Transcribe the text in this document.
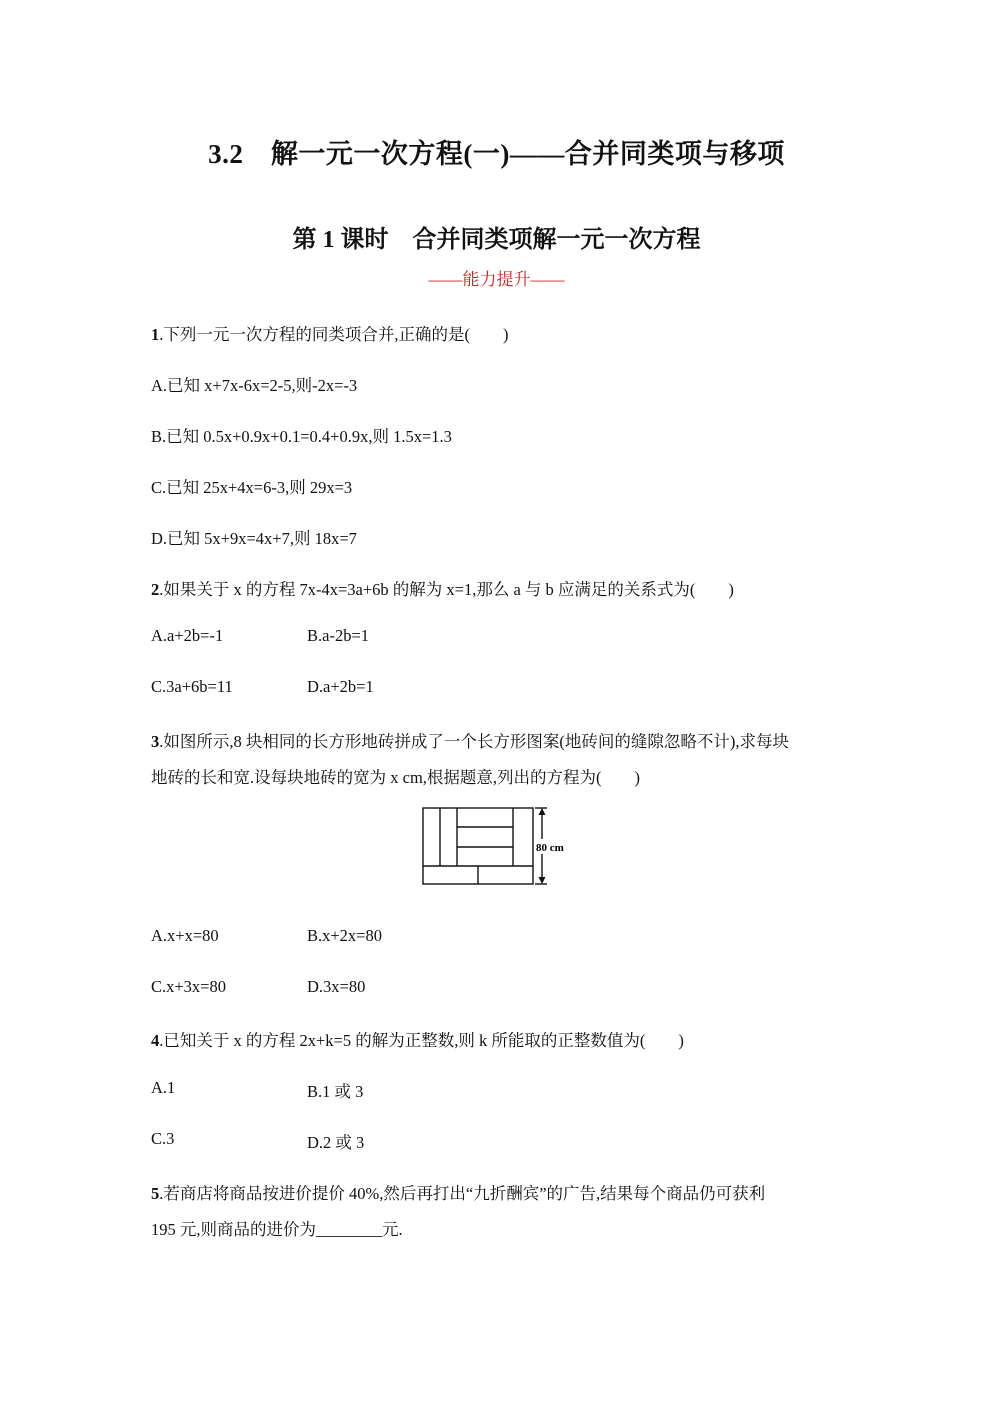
3.2　解一元一次方程(一)——合并同类项与移项
第 1 课时　合并同类项解一元一次方程
——能力提升——
1.下列一元一次方程的同类项合并,正确的是(　　)
A.已知 x+7x-6x=2-5,则-2x=-3
B.已知 0.5x+0.9x+0.1=0.4+0.9x,则 1.5x=1.3
C.已知 25x+4x=6-3,则 29x=3
D.已知 5x+9x=4x+7,则 18x=7
2.如果关于 x 的方程 7x-4x=3a+6b 的解为 x=1,那么 a 与 b 应满足的关系式为(　　)
A.a+2b=-1	B.a-2b=1
C.3a+6b=11	D.a+2b=1
3.如图所示,8 块相同的长方形地砖拼成了一个长方形图案(地砖间的缝隙忽略不计),求每块
地砖的长和宽.设每块地砖的宽为 x cm,根据题意,列出的方程为(　　)
80 cm
A.x+x=80	B.x+2x=80
C.x+3x=80	D.3x=80
4.已知关于 x 的方程 2x+k=5 的解为正整数,则 k 所能取的正整数值为(　　)
A.1	B.1 或 3
C.3	D.2 或 3
5.若商店将商品按进价提价 40%,然后再打出“九折酬宾”的广告,结果每个商品仍可获利
195 元,则商品的进价为________元.
